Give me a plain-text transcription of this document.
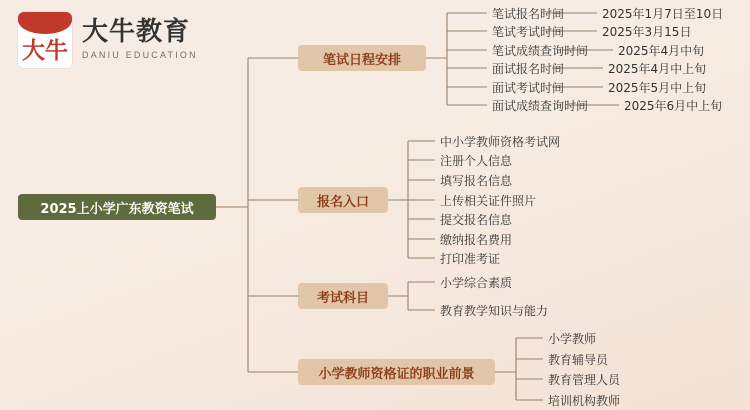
大牛
大牛教育
DANIU EDUCATION
2025上小学广东教资笔试
笔试日程安排
笔试报名时间	2025年1月7日至10日
笔试考试时间	2025年3月15日
笔试成绩查询时间 2025年4月中旬
面试报名时间	2025年4月中上旬
面试考试时间	2025年5月中上旬
面试成绩查询时间	2025年6月中上旬
报名入口
中小学教师资格考试网
注册个人信息
填写报名信息
上传相关证件照片
提交报名信息
缴纳报名费用
打印准考证
考试科目
小学综合素质
教育教学知识与能力
小学教师资格证的职业前景
小学教师
教育辅导员
教育管理人员
培训机构教师
